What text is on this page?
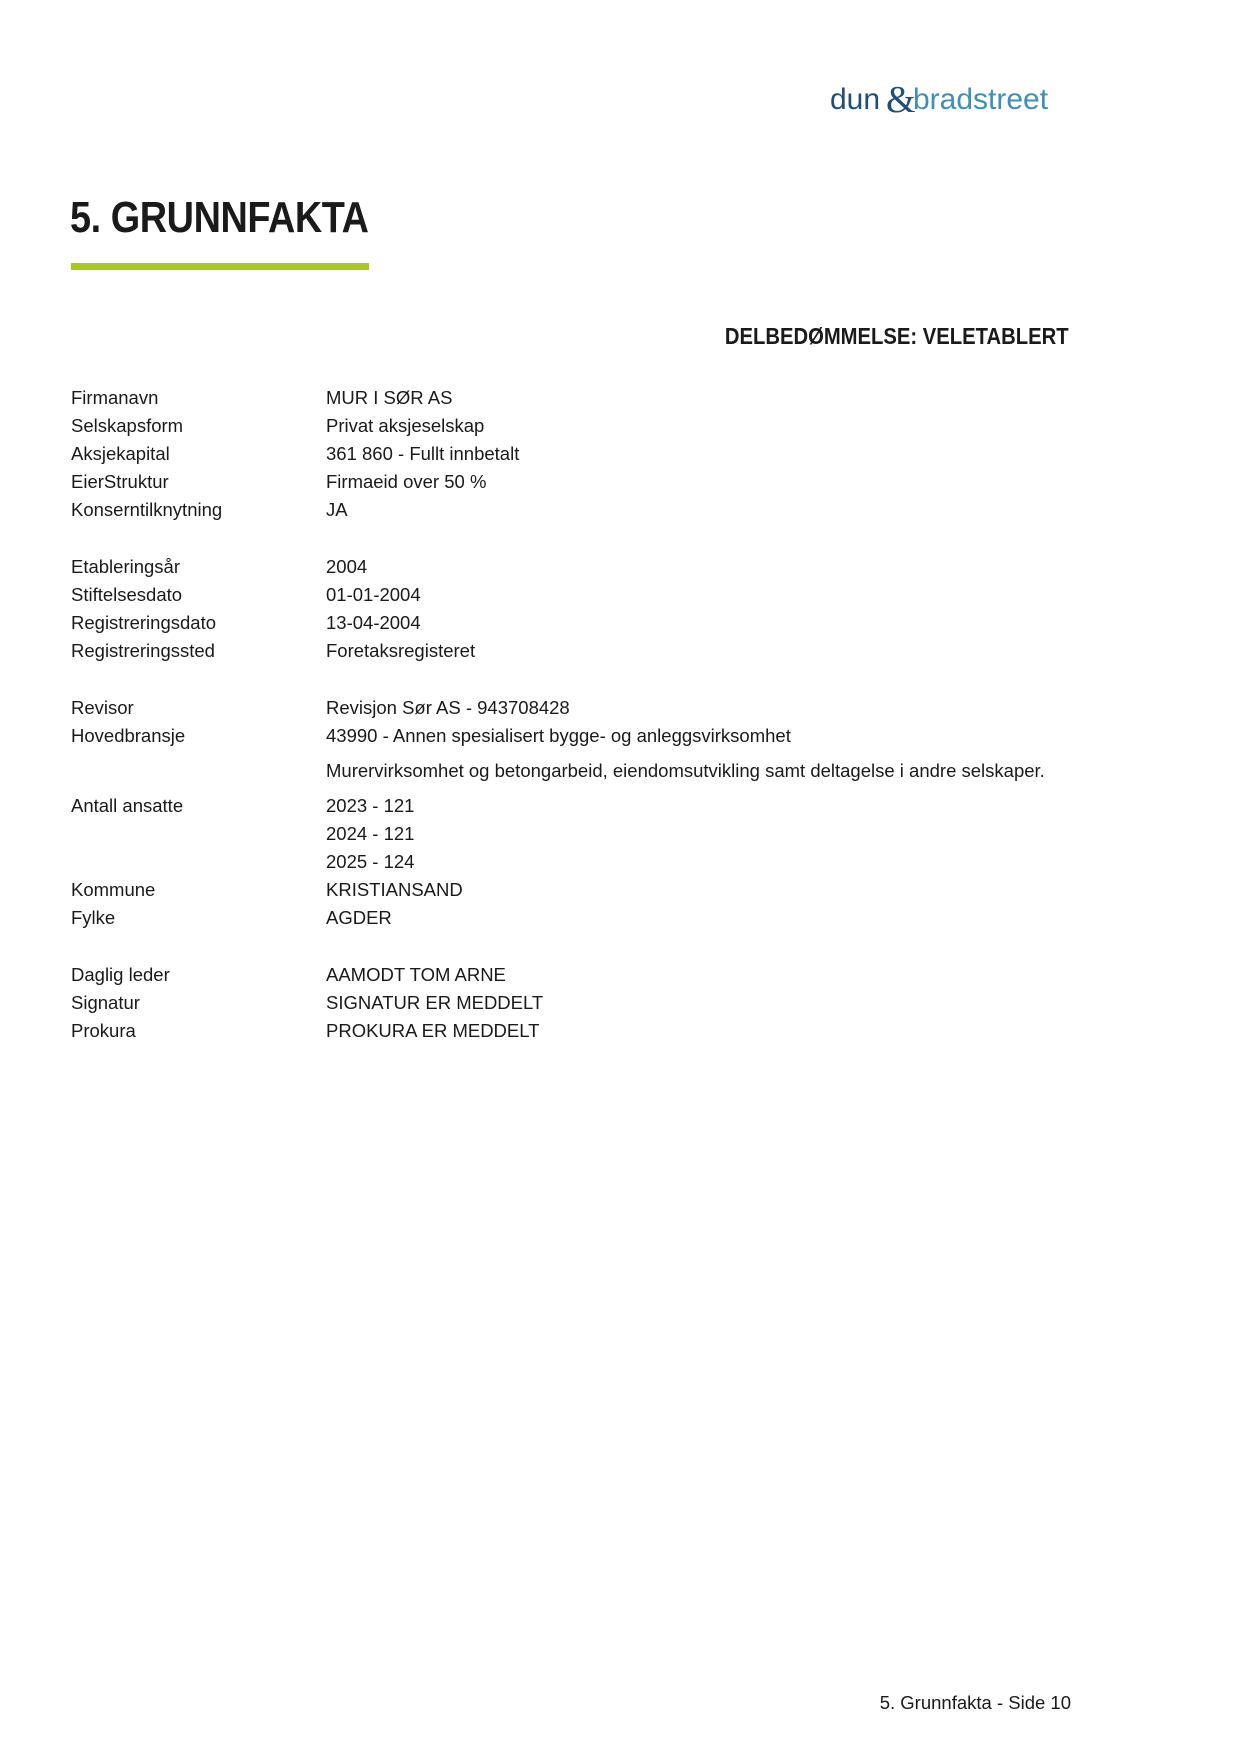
dun &
bradstreet
5. GRUNNFAKTA
DELBEDØMMELSE: VELETABLERT
Firmanavn	MUR I SØR AS
Selskapsform	Privat aksjeselskap
Aksjekapital	361 860 - Fullt innbetalt
EierStruktur	Firmaeid over 50 %
Konserntilknytning	JA
Etableringsår	2004
Stiftelsesdato	01-01-2004
Registreringsdato	13-04-2004
Registreringssted	Foretaksregisteret
Revisor	Revisjon Sør AS - 943708428
Hovedbransje	43990 - Annen spesialisert bygge- og anleggsvirksomhet
Murervirksomhet og betongarbeid, eiendomsutvikling samt deltagelse i andre selskaper.
Antall ansatte	2023 - 121
2024 - 121
2025 - 124
Kommune	KRISTIANSAND
Fylke	AGDER
Daglig leder	AAMODT TOM ARNE
Signatur	SIGNATUR ER MEDDELT
Prokura	PROKURA ER MEDDELT
5. Grunnfakta - Side 10
